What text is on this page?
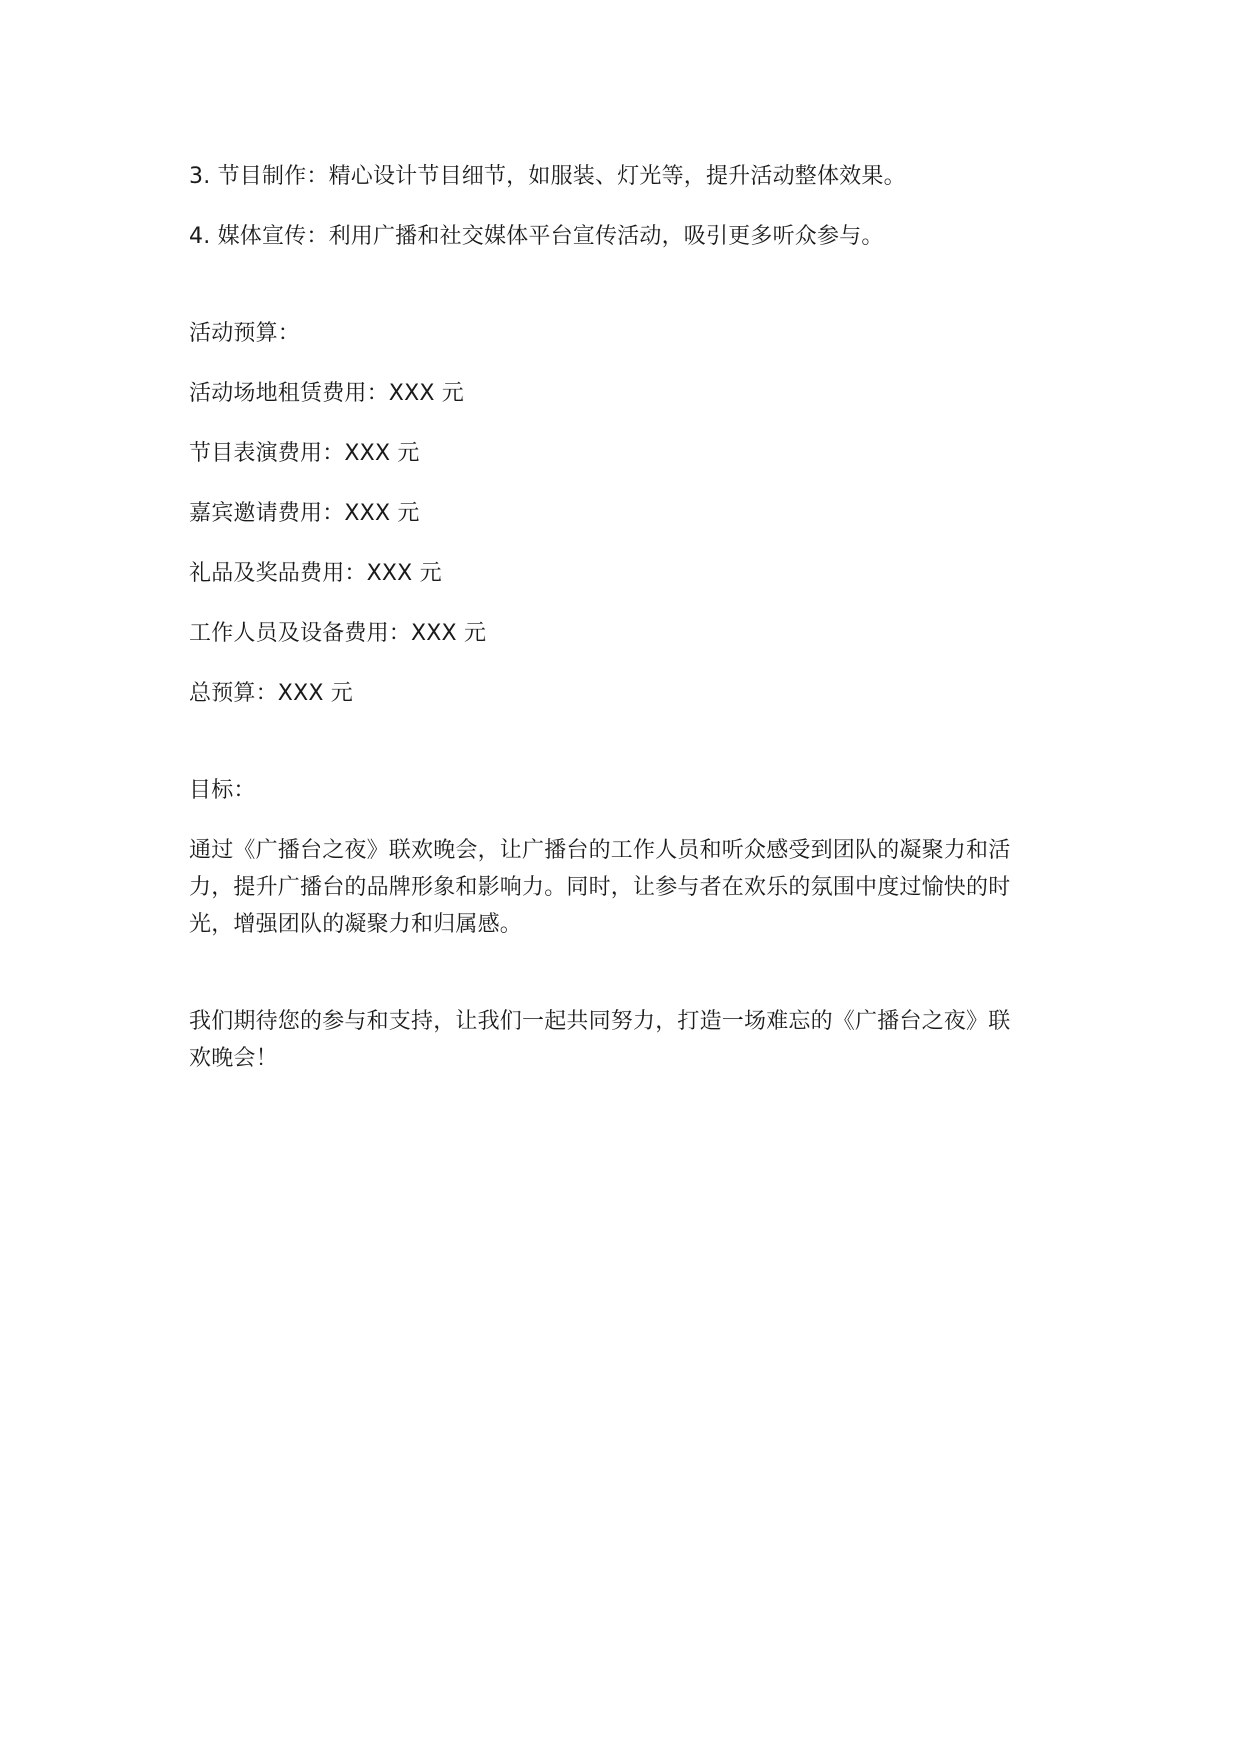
3. 节目制作：精心设计节目细节，如服装、灯光等，提升活动整体效果。

4. 媒体宣传：利用广播和社交媒体平台宣传活动，吸引更多听众参与。

活动预算：

活动场地租赁费用：XXX 元

节目表演费用：XXX 元

嘉宾邀请费用：XXX 元

礼品及奖品费用：XXX 元

工作人员及设备费用：XXX 元

总预算：XXX 元

目标：

通过《广播台之夜》联欢晚会，让广播台的工作人员和听众感受到团队的凝聚力和活

力，提升广播台的品牌形象和影响力。同时，让参与者在欢乐的氛围中度过愉快的时

光，增强团队的凝聚力和归属感。

我们期待您的参与和支持，让我们一起共同努力，打造一场难忘的《广播台之夜》联

欢晚会！
